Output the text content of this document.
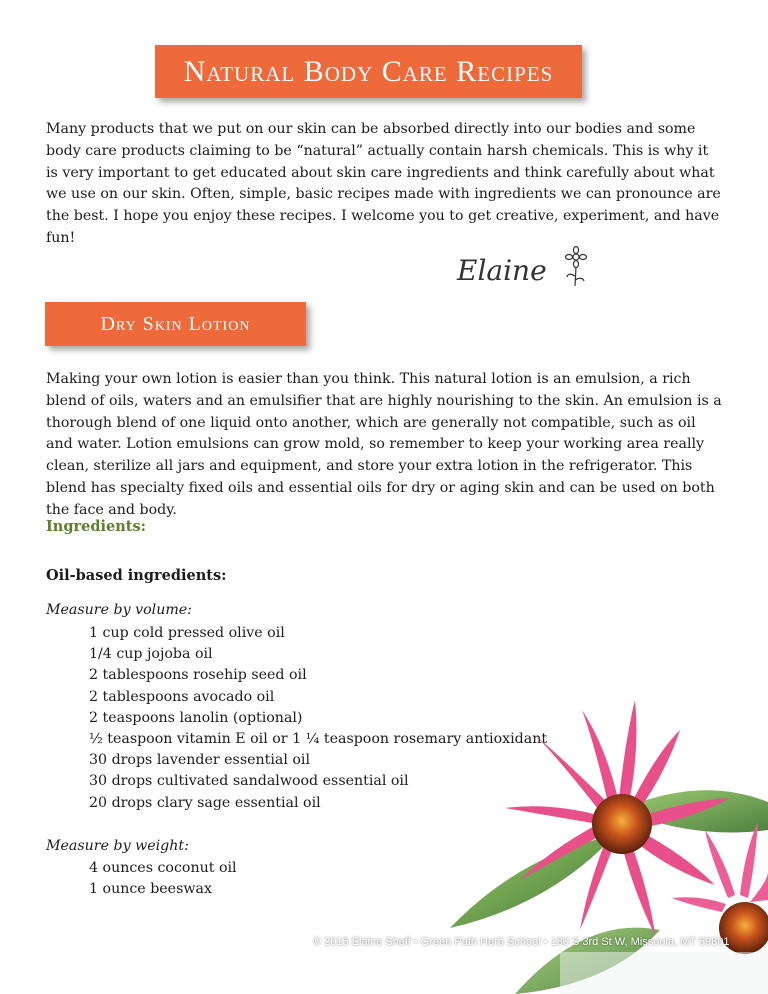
Natural Body Care Recipes

Many products that we put on our skin can be absorbed directly into our bodies and some body care products claiming to be “natural” actually contain harsh chemicals. This is why it is very important to get educated about skin care ingredients and think carefully about what we use on our skin. Often, simple, basic recipes made with ingredients we can pronounce are the best. I hope you enjoy these recipes. I welcome you to get creative, experiment, and have fun!

Elaine
Dry Skin Lotion

Making your own lotion is easier than you think. This natural lotion is an emulsion, a rich blend of oils, waters and an emulsifier that are highly nourishing to the skin. An emulsion is a thorough blend of one liquid onto another, which are generally not compatible, such as oil and water. Lotion emulsions can grow mold, so remember to keep your working area really clean, sterilize all jars and equipment, and store your extra lotion in the refrigerator. This blend has specialty fixed oils and essential oils for dry or aging skin and can be used on both the face and body.

Ingredients:

Oil-based ingredients:

Measure by volume:

1 cup cold pressed olive oil
1/4 cup jojoba oil
2 tablespoons rosehip seed oil
2 tablespoons avocado oil
2 teaspoons lanolin (optional)
½ teaspoon vitamin E oil or 1 ¼ teaspoon rosemary antioxidant
30 drops lavender essential oil
30 drops cultivated sandalwood essential oil
20 drops clary sage essential oil

Measure by weight:

4 ounces coconut oil
1 ounce beeswax
© 2015 Elaine Sheff • Green Path Herb School • 180 S 3rd St W, Missoula, MT 59801
